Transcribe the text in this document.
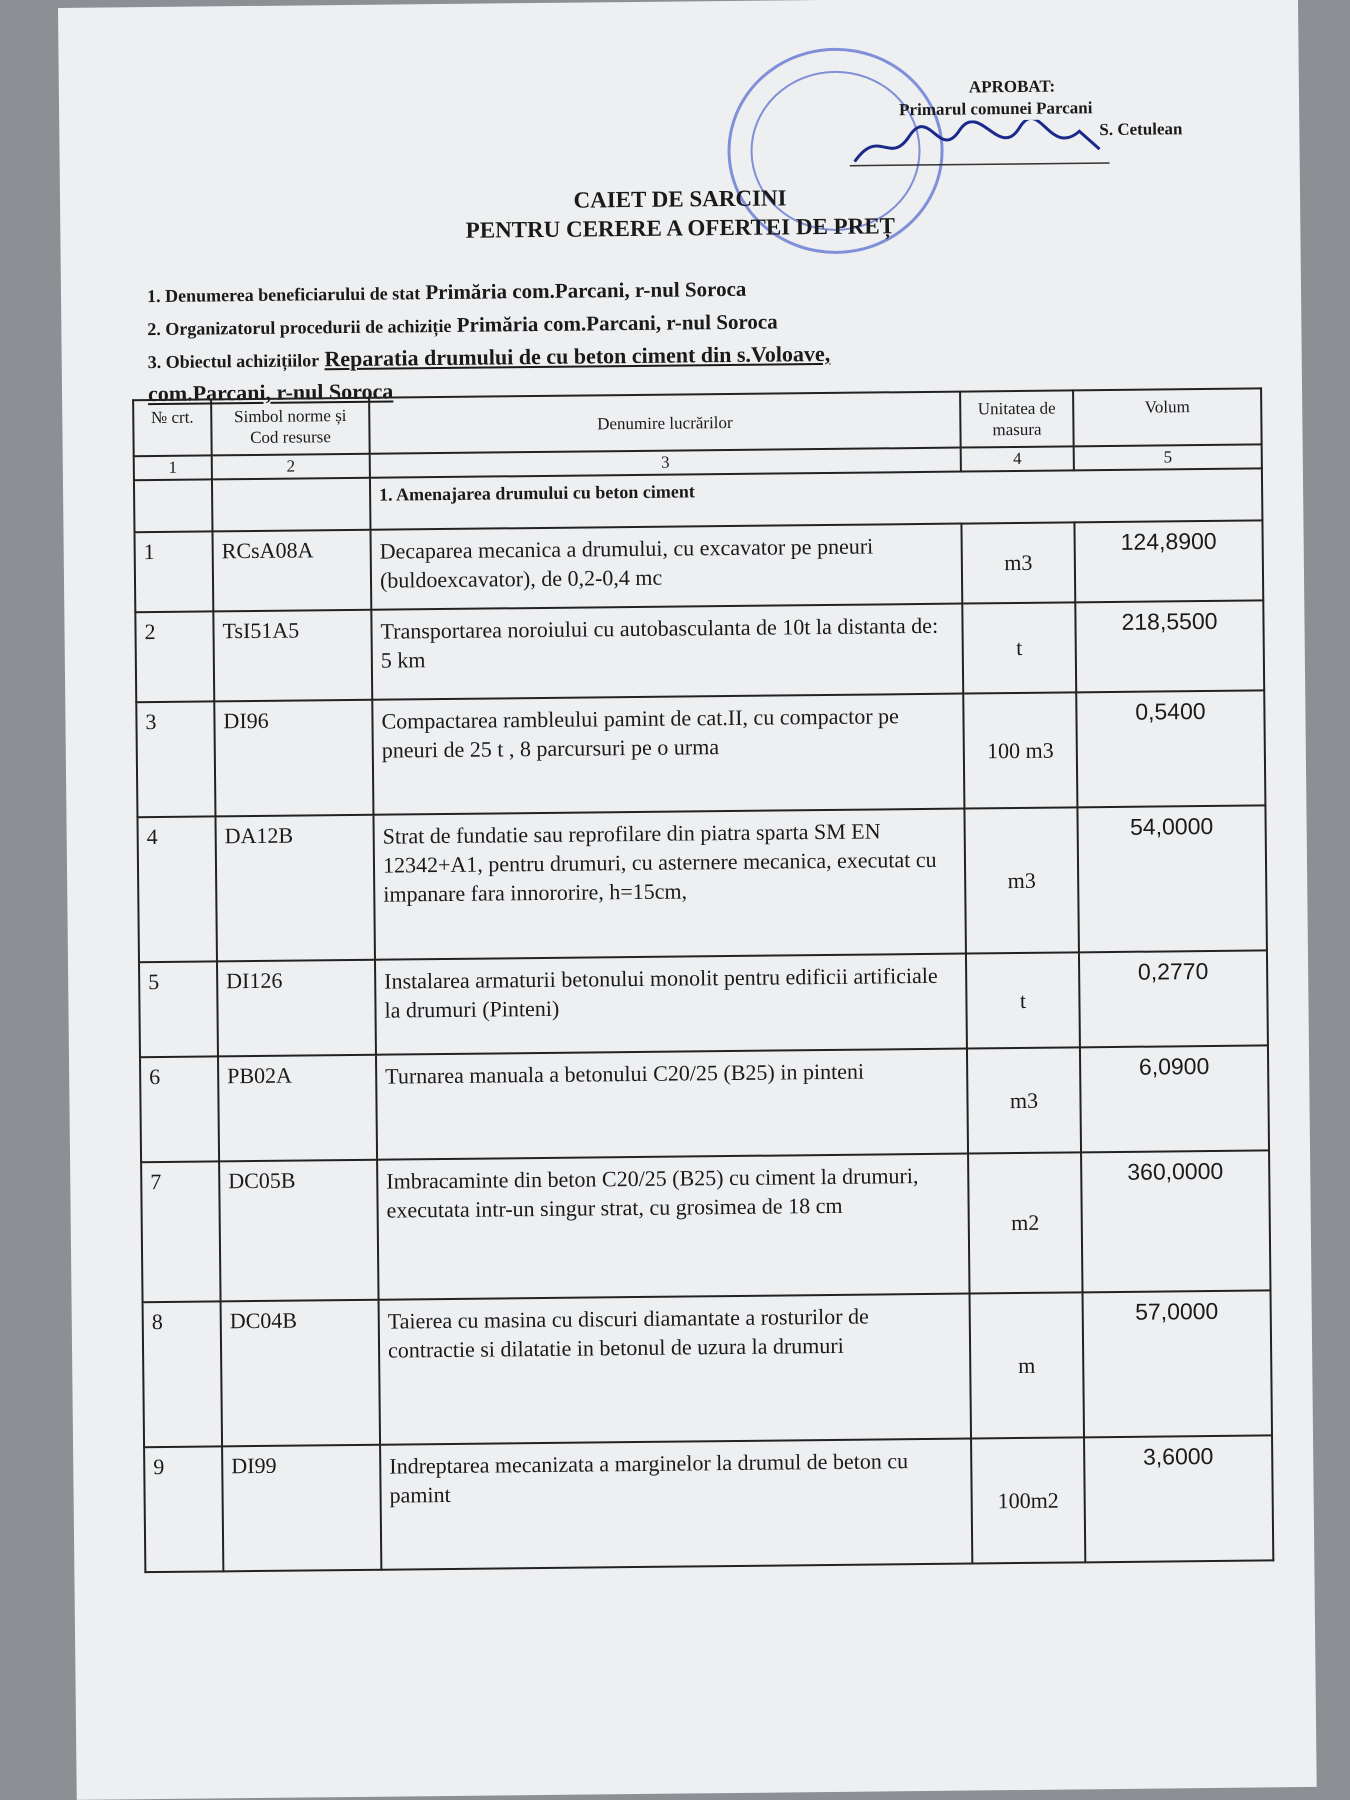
APROBAT:
Primarul comunei Parcani
S. Cetulean
CAIET DE SARCINI
PENTRU CERERE A OFERTEI DE PREȚ
1. Denumerea beneficiarului de stat Primăria com.Parcani, r-nul Soroca
2. Organizatorul procedurii de achiziție Primăria com.Parcani, r-nul Soroca
3. Obiectul achizițiilor Reparatia drumului de cu beton ciment din s.Voloave,
com.Parcani, r-nul Soroca
№ crt.	Simbol norme și Cod resurse	Denumire lucrărilor	Unitatea de masura	Volum
1	2	3	4	5
		1. Amenajarea drumului cu beton ciment		
1	RCsA08A	Decaparea mecanica a drumului, cu excavator pe pneuri (buldoexcavator), de 0,2-0,4 mc	m3	124,8900
2	TsI51A5	Transportarea noroiului cu autobasculanta de 10t la distanta de: 5 km	t	218,5500
3	DI96	Compactarea rambleului pamint de cat.II, cu compactor pe pneuri de 25 t , 8 parcursuri pe o urma	100 m3	0,5400
4	DA12B	Strat de fundatie sau reprofilare din piatra sparta SM EN 12342+A1, pentru drumuri, cu asternere mecanica, executat cu impanare fara innororire, h=15cm,	m3	54,0000
5	DI126	Instalarea armaturii betonului monolit pentru edificii artificiale la drumuri (Pinteni)	t	0,2770
6	PB02A	Turnarea manuala a betonului C20/25 (B25) in pinteni	m3	6,0900
7	DC05B	Imbracaminte din beton C20/25 (B25) cu ciment la drumuri, executata intr-un singur strat, cu grosimea de 18 cm	m2	360,0000
8	DC04B	Taierea cu masina cu discuri diamantate a rosturilor de contractie si dilatatie in betonul de uzura la drumuri	m	57,0000
9	DI99	Indreptarea mecanizata a marginelor la drumul de beton cu pamint	100m2	3,6000
